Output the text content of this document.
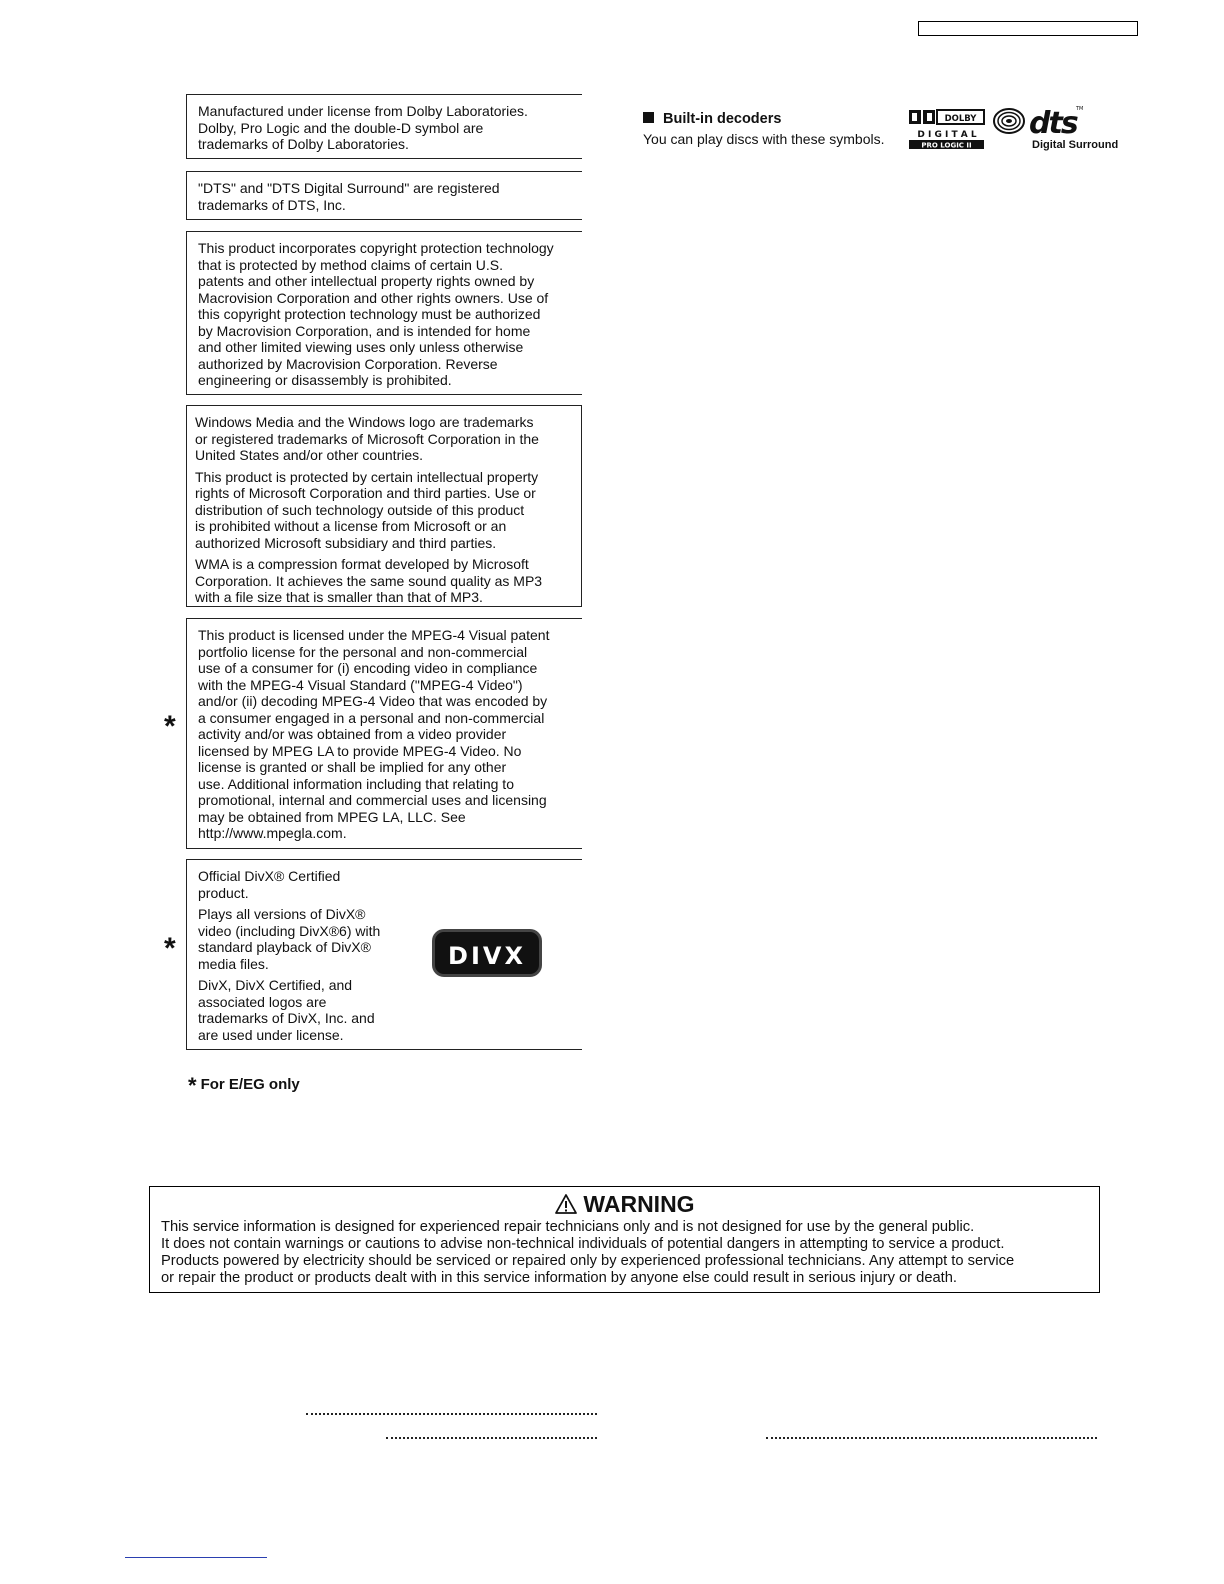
Manufactured under license from Dolby Laboratories.

Dolby, Pro Logic and the double-D symbol are

trademarks of Dolby Laboratories.

"DTS" and "DTS Digital Surround" are registered

trademarks of DTS, Inc.

This product incorporates copyright protection technology

that is protected by method claims of certain U.S.

patents and other intellectual property rights owned by

Macrovision Corporation and other rights owners. Use of

this copyright protection technology must be authorized

by Macrovision Corporation, and is intended for home

and other limited viewing uses only unless otherwise

authorized by Macrovision Corporation. Reverse

engineering or disassembly is prohibited.

Windows Media and the Windows logo are trademarks

or registered trademarks of Microsoft Corporation in the

United States and/or other countries.

This product is protected by certain intellectual property

rights of Microsoft Corporation and third parties. Use or

distribution of such technology outside of this product

is prohibited without a license from Microsoft or an

authorized Microsoft subsidiary and third parties.

WMA is a compression format developed by Microsoft

Corporation. It achieves the same sound quality as MP3

with a file size that is smaller than that of MP3.

*

This product is licensed under the MPEG-4 Visual patent

portfolio license for the personal and non-commercial

use of a consumer for (i) encoding video in compliance

with the MPEG-4 Visual Standard ("MPEG-4 Video")

and/or (ii) decoding MPEG-4 Video that was encoded by

a consumer engaged in a personal and non-commercial

activity and/or was obtained from a video provider

licensed by MPEG LA to provide MPEG-4 Video. No

license is granted or shall be implied for any other

use. Additional information including that relating to

promotional, internal and commercial uses and licensing

may be obtained from MPEG LA, LLC. See

http://www.mpegla.com.

*

Official DivX® Certified

product.

Plays all versions of DivX®

video (including DivX®6) with

standard playback of DivX®

media files.

DivX, DivX Certified, and

associated logos are

trademarks of DivX, Inc. and

are used under license.

DIVX
* For E/EG only
Built-in decoders
You can play discs with these symbols.
DOLBY
D I G I T A L
PRO LOGIC II
dts TM
Digital Surround
WARNING

This service information is designed for experienced repair technicians only and is not designed for use by the general public.

It does not contain warnings or cautions to advise non-technical individuals of potential dangers in attempting to service a product.

Products powered by electricity should be serviced or repaired only by experienced professional technicians. Any attempt to service

or repair the product or products dealt with in this service information by anyone else could result in serious injury or death.
